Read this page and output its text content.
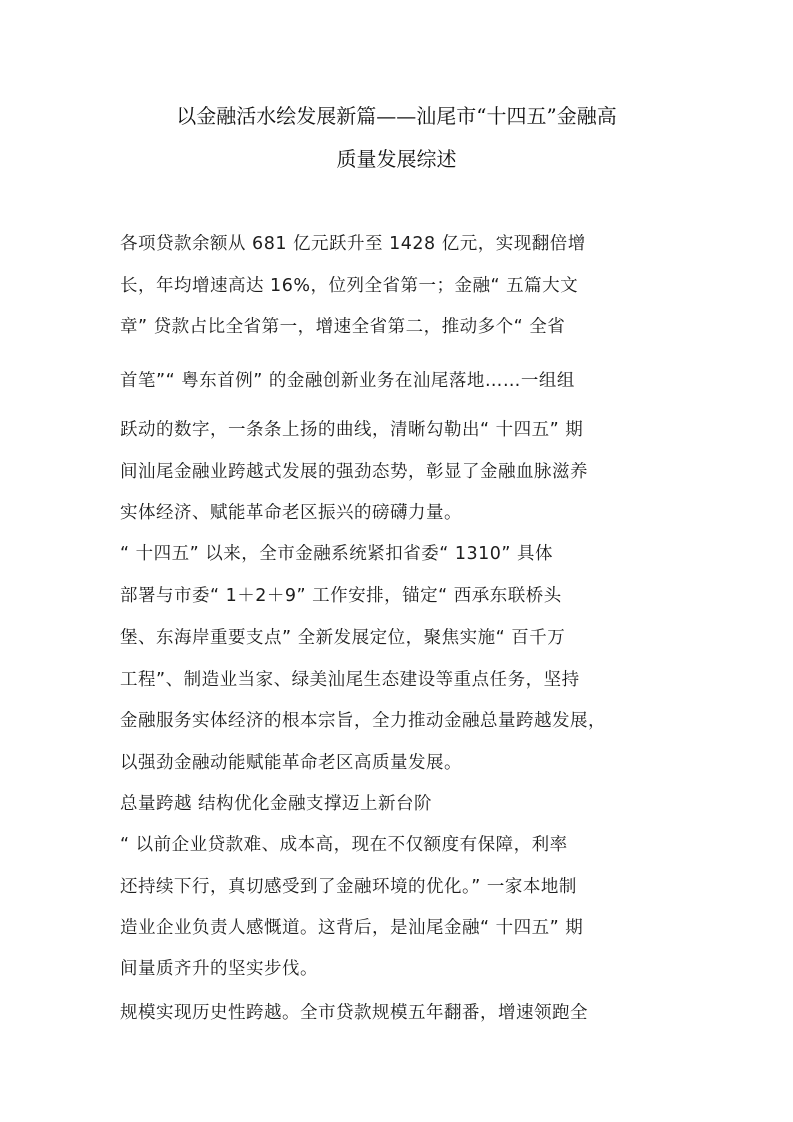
以金融活水绘发展新篇——汕尾市“十四五”金融高
质量发展综述
各项贷款余额从 681 亿元跃升至 1428 亿元，实现翻倍增
长，年均增速高达 16%，位列全省第一；金融“ 五篇大文
章” 贷款占比全省第一，增速全省第二，推动多个“ 全省
首笔”“ 粤东首例” 的金融创新业务在汕尾落地……一组组
跃动的数字，一条条上扬的曲线，清晰勾勒出“ 十四五” 期
间汕尾金融业跨越式发展的强劲态势，彰显了金融血脉滋养
实体经济、赋能革命老区振兴的磅礴力量。
“ 十四五” 以来，全市金融系统紧扣省委“ 1310” 具体
部署与市委“ 1＋2＋9” 工作安排，锚定“ 西承东联桥头
堡、东海岸重要支点” 全新发展定位，聚焦实施“ 百千万
工程”、制造业当家、绿美汕尾生态建设等重点任务，坚持
金融服务实体经济的根本宗旨，全力推动金融总量跨越发展，
以强劲金融动能赋能革命老区高质量发展。
总量跨越 结构优化金融支撑迈上新台阶
“ 以前企业贷款难、成本高，现在不仅额度有保障，利率
还持续下行，真切感受到了金融环境的优化。” 一家本地制
造业企业负责人感慨道。这背后，是汕尾金融“ 十四五” 期
间量质齐升的坚实步伐。
规模实现历史性跨越。全市贷款规模五年翻番，增速领跑全
